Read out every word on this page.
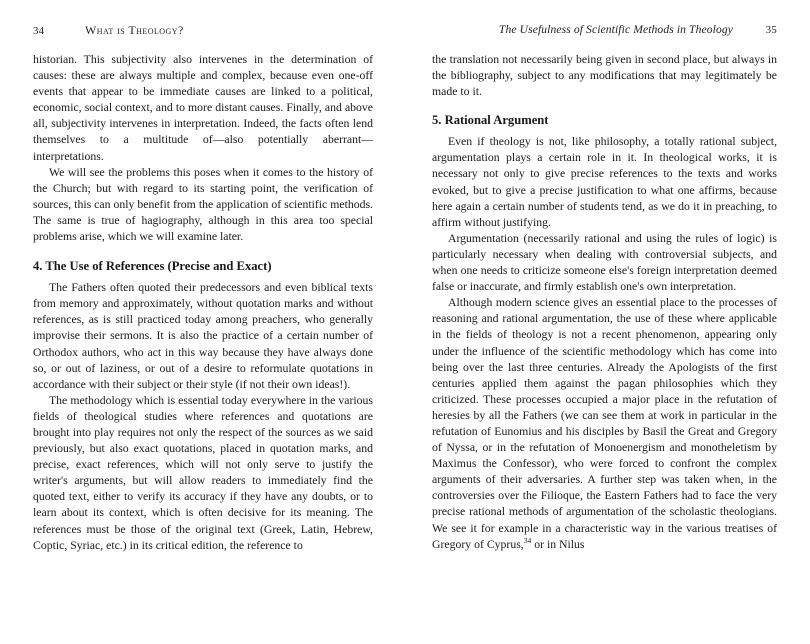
34	What is Theology?	The Usefulness of Scientific Methods in Theology	35

historian. This subjectivity also intervenes in the determination of causes: these are always multiple and complex, because even one-off events that appear to be immediate causes are linked to a political, economic, social context, and to more distant causes. Finally, and above all, subjectivity intervenes in interpretation. Indeed, the facts often lend themselves to a multitude of—also potentially aberrant—interpretations.

We will see the problems this poses when it comes to the history of the Church; but with regard to its starting point, the verification of sources, this can only benefit from the application of scientific methods. The same is true of hagiography, although in this area too special problems arise, which we will examine later.

4. The Use of References (Precise and Exact)

The Fathers often quoted their predecessors and even biblical texts from memory and approximately, without quotation marks and without references, as is still practiced today among preachers, who generally improvise their sermons. It is also the practice of a certain number of Orthodox authors, who act in this way because they have always done so, or out of laziness, or out of a desire to reformulate quotations in accordance with their subject or their style (if not their own ideas!).

The methodology which is essential today everywhere in the various fields of theological studies where references and quotations are brought into play requires not only the respect of the sources as we said previously, but also exact quotations, placed in quotation marks, and precise, exact references, which will not only serve to justify the writer's arguments, but will allow readers to immediately find the quoted text, either to verify its accuracy if they have any doubts, or to learn about its context, which is often decisive for its meaning. The references must be those of the original text (Greek, Latin, Hebrew, Coptic, Syriac, etc.) in its critical edition, the reference to

the translation not necessarily being given in second place, but always in the bibliography, subject to any modifications that may legitimately be made to it.

5. Rational Argument

Even if theology is not, like philosophy, a totally rational subject, argumentation plays a certain role in it. In theological works, it is necessary not only to give precise references to the texts and works evoked, but to give a precise justification to what one affirms, because here again a certain number of students tend, as we do it in preaching, to affirm without justifying.

Argumentation (necessarily rational and using the rules of logic) is particularly necessary when dealing with controversial subjects, and when one needs to criticize someone else's foreign interpretation deemed false or inaccurate, and firmly establish one's own interpretation.

Although modern science gives an essential place to the processes of reasoning and rational argumentation, the use of these where applicable in the fields of theology is not a recent phenomenon, appearing only under the influence of the scientific methodology which has come into being over the last three centuries. Already the Apologists of the first centuries applied them against the pagan philosophies which they criticized. These processes occupied a major place in the refutation of heresies by all the Fathers (we can see them at work in particular in the refutation of Eunomius and his disciples by Basil the Great and Gregory of Nyssa, or in the refutation of Monoenergism and monotheletism by Maximus the Confessor), who were forced to confront the complex arguments of their adversaries. A further step was taken when, in the controversies over the Filioque, the Eastern Fathers had to face the very precise rational methods of argumentation of the scholastic theologians. We see it for example in a characteristic way in the various treatises of Gregory of Cyprus,$^{34}$ or in Nilus
